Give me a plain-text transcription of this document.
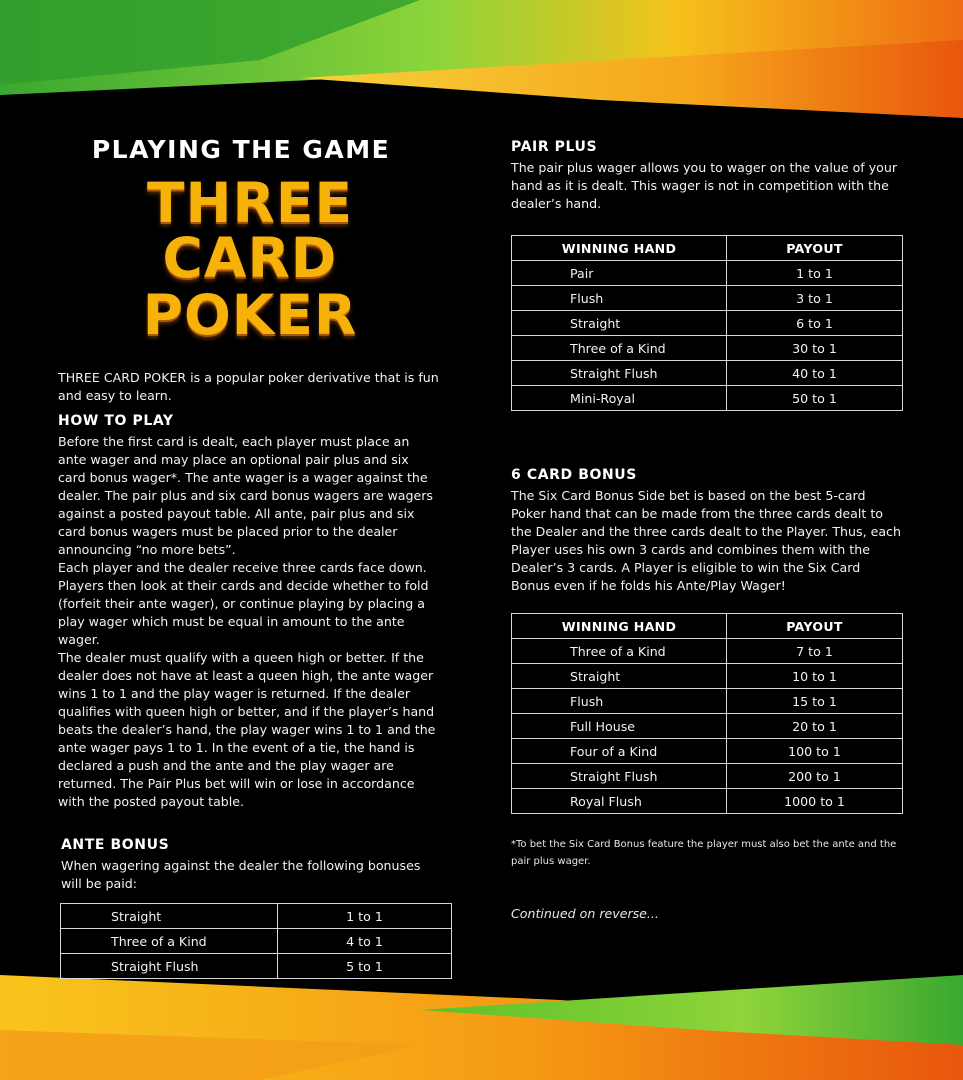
PLAYING THE GAME
THREE CARD
POKER

THREE CARD POKER is a popular poker derivative that is fun and easy to learn.

HOW TO PLAY

Before the first card is dealt, each player must place an ante wager and may place an optional pair plus and six card bonus wager*. The ante wager is a wager against the dealer. The pair plus and six card bonus wagers are wagers against a posted payout table. All ante, pair plus and six card bonus wagers must be placed prior to the dealer announcing “no more bets”.

Each player and the dealer receive three cards face down. Players then look at their cards and decide whether to fold (forfeit their ante wager), or continue playing by placing a play wager which must be equal in amount to the ante wager.

The dealer must qualify with a queen high or better. If the dealer does not have at least a queen high, the ante wager wins 1 to 1 and the play wager is returned. If the dealer qualifies with queen high or better, and if the player’s hand beats the dealer’s hand, the play wager wins 1 to 1 and the ante wager pays 1 to 1. In the event of a tie, the hand is declared a push and the ante and the play wager are returned. The Pair Plus bet will win or lose in accordance with the posted payout table.

ANTE BONUS

When wagering against the dealer the following bonuses will be paid:

Straight	1 to 1
Three of a Kind	4 to 1
Straight Flush	5 to 1

PAIR PLUS

The pair plus wager allows you to wager on the value of your hand as it is dealt. This wager is not in competition with the dealer’s hand.

WINNING HAND	PAYOUT
Pair	1 to 1
Flush	3 to 1
Straight	6 to 1
Three of a Kind	30 to 1
Straight Flush	40 to 1
Mini-Royal	50 to 1

6 CARD BONUS

The Six Card Bonus Side bet is based on the best 5-card Poker hand that can be made from the three cards dealt to the Dealer and the three cards dealt to the Player. Thus, each Player uses his own 3 cards and combines them with the Dealer’s 3 cards. A Player is eligible to win the Six Card Bonus even if he folds his Ante/Play Wager!

WINNING HAND	PAYOUT
Three of a Kind	7 to 1
Straight	10 to 1
Flush	15 to 1
Full House	20 to 1
Four of a Kind	100 to 1
Straight Flush	200 to 1
Royal Flush	1000 to 1

*To bet the Six Card Bonus feature the player must also bet the ante and the pair plus wager.

Continued on reverse...
